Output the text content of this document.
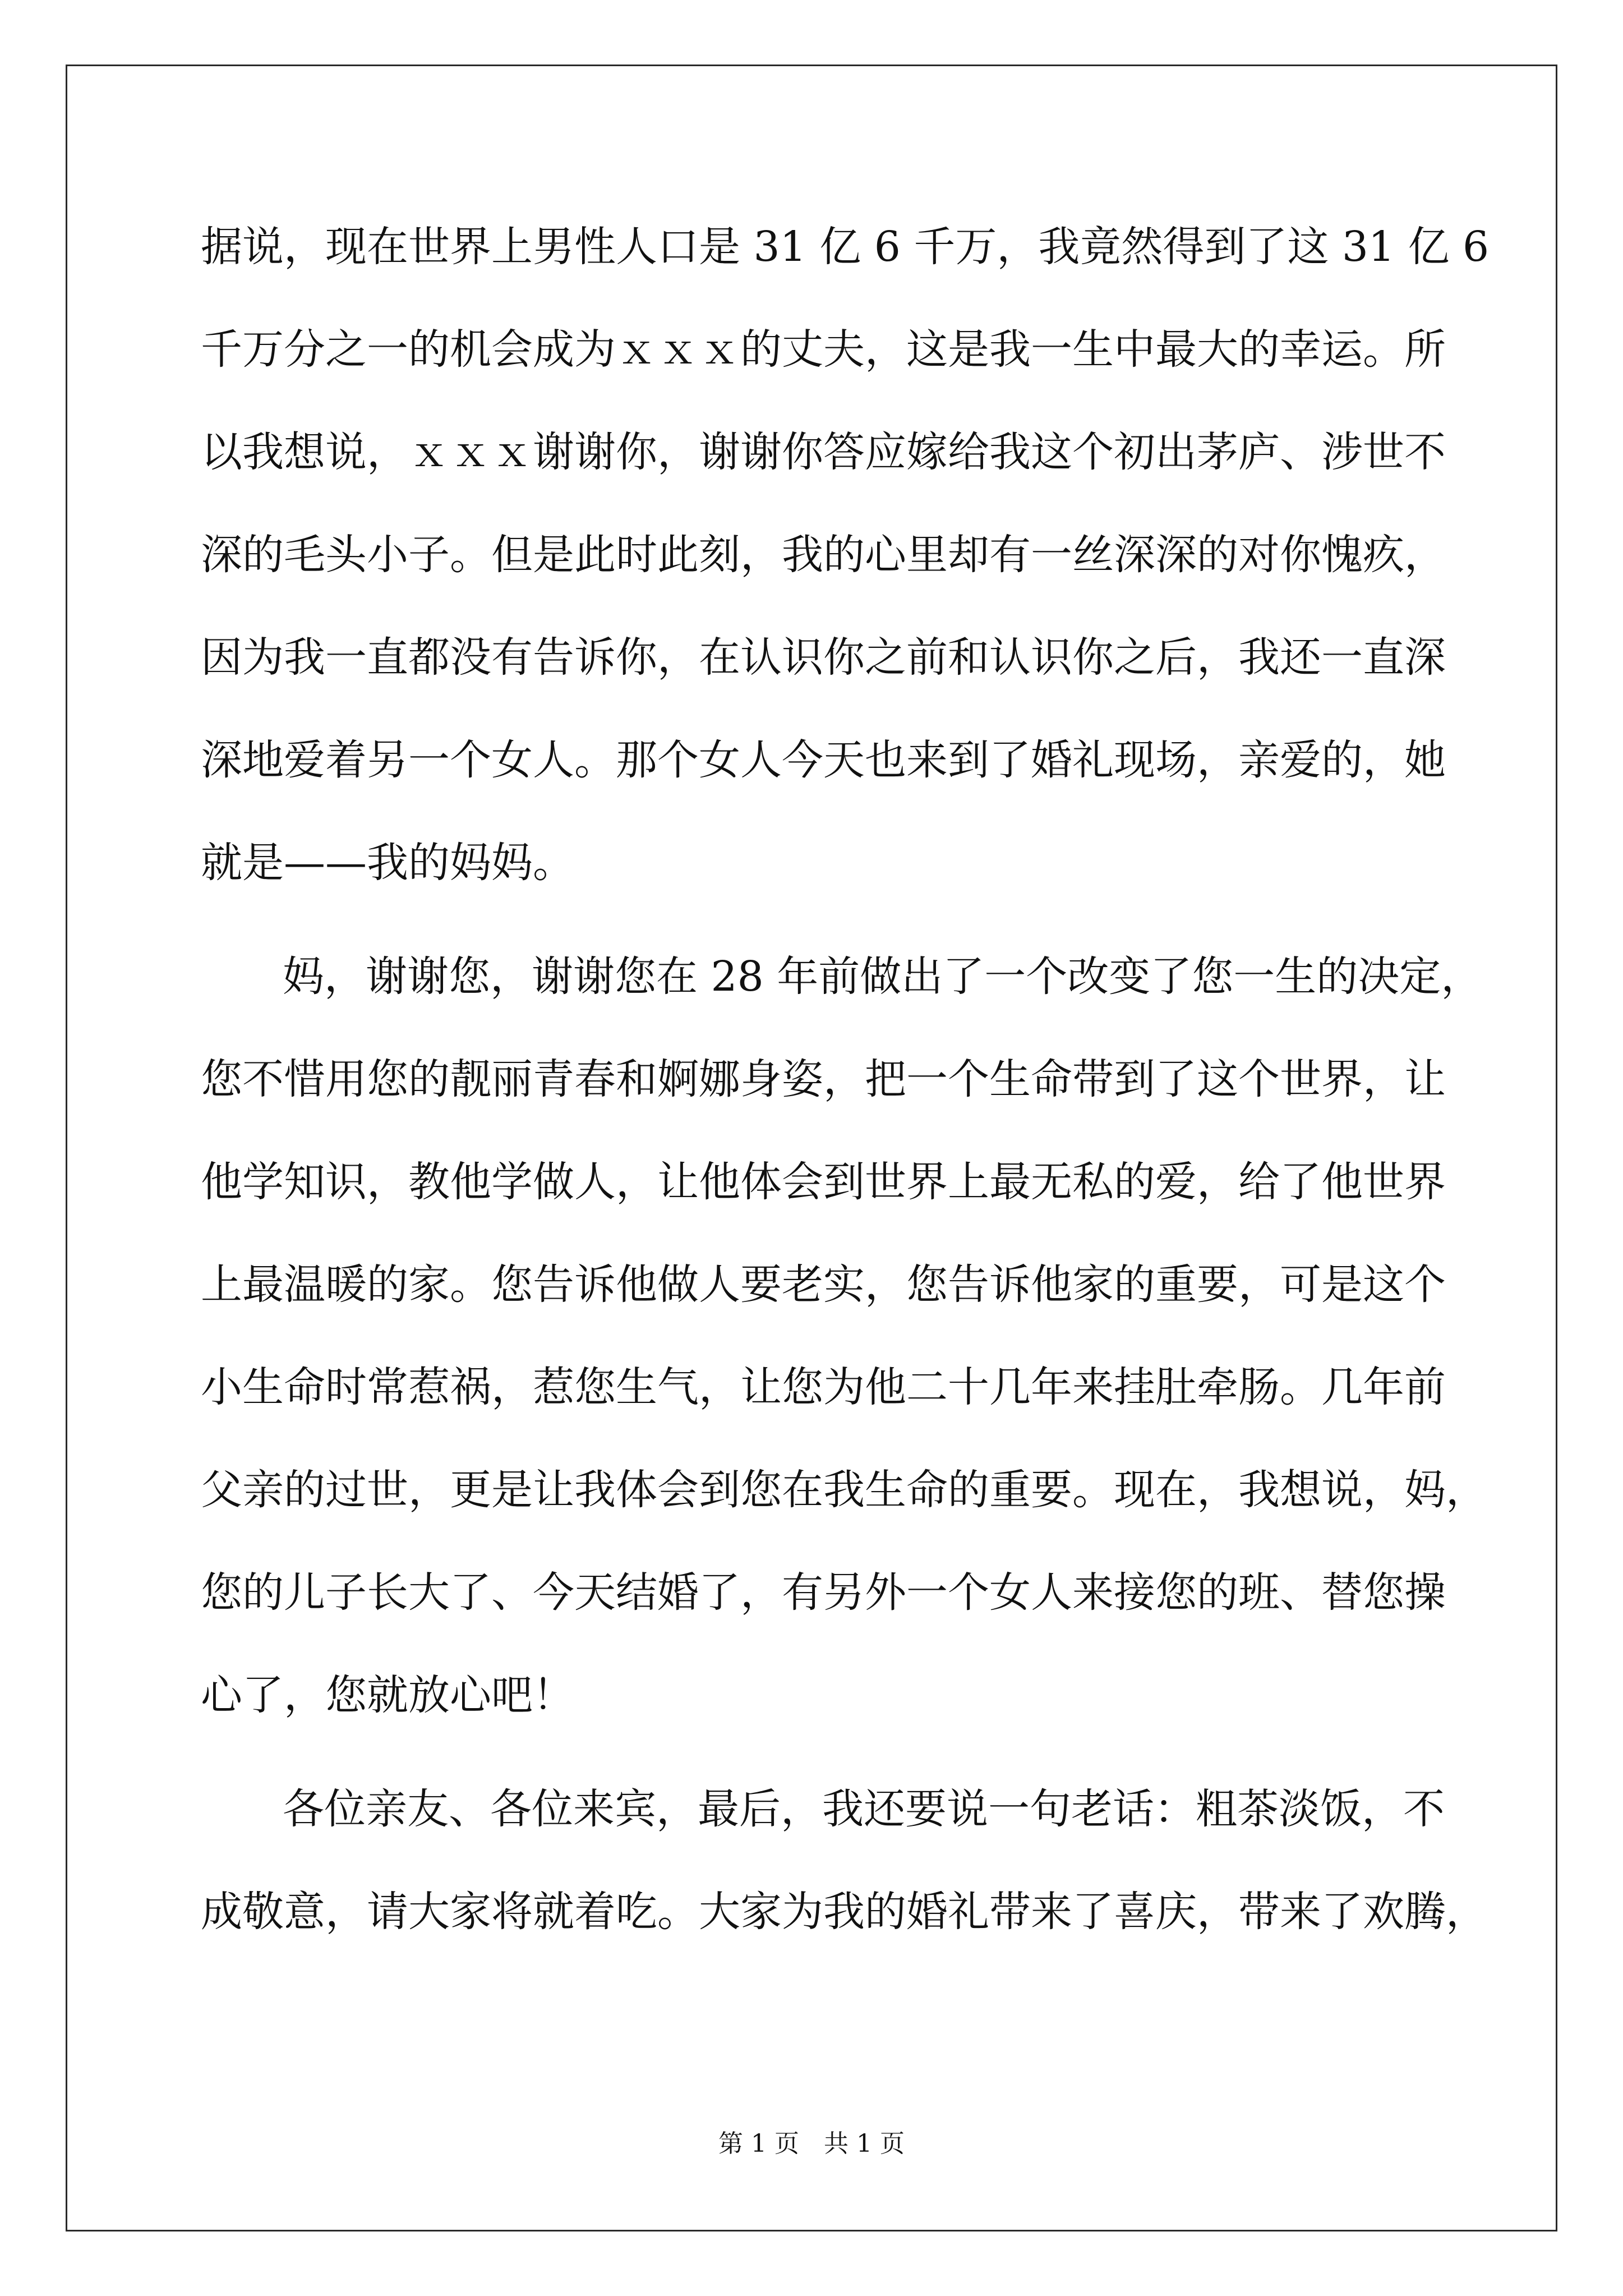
据说，现在世界上男性人口是 31 亿 6 千万，我竟然得到了这 31 亿 6
千万分之一的机会成为ｘｘｘ的丈夫，这是我一生中最大的幸运。所
以我想说，ｘｘｘ谢谢你，谢谢你答应嫁给我这个初出茅庐、涉世不
深的毛头小子。但是此时此刻，我的心里却有一丝深深的对你愧疚，
因为我一直都没有告诉你，在认识你之前和认识你之后，我还一直深
深地爱着另一个女人。那个女人今天也来到了婚礼现场，亲爱的，她
就是——我的妈妈。
妈，谢谢您，谢谢您在 28 年前做出了一个改变了您一生的决定，
您不惜用您的靓丽青春和婀娜身姿，把一个生命带到了这个世界，让
他学知识，教他学做人，让他体会到世界上最无私的爱，给了他世界
上最温暖的家。您告诉他做人要老实，您告诉他家的重要，可是这个
小生命时常惹祸，惹您生气，让您为他二十几年来挂肚牵肠。几年前
父亲的过世，更是让我体会到您在我生命的重要。现在，我想说，妈，
您的儿子长大了、今天结婚了，有另外一个女人来接您的班、替您操
心了，您就放心吧！
各位亲友、各位来宾，最后，我还要说一句老话：粗茶淡饭，不
成敬意，请大家将就着吃。大家为我的婚礼带来了喜庆，带来了欢腾，
第 1 页　共 1 页
